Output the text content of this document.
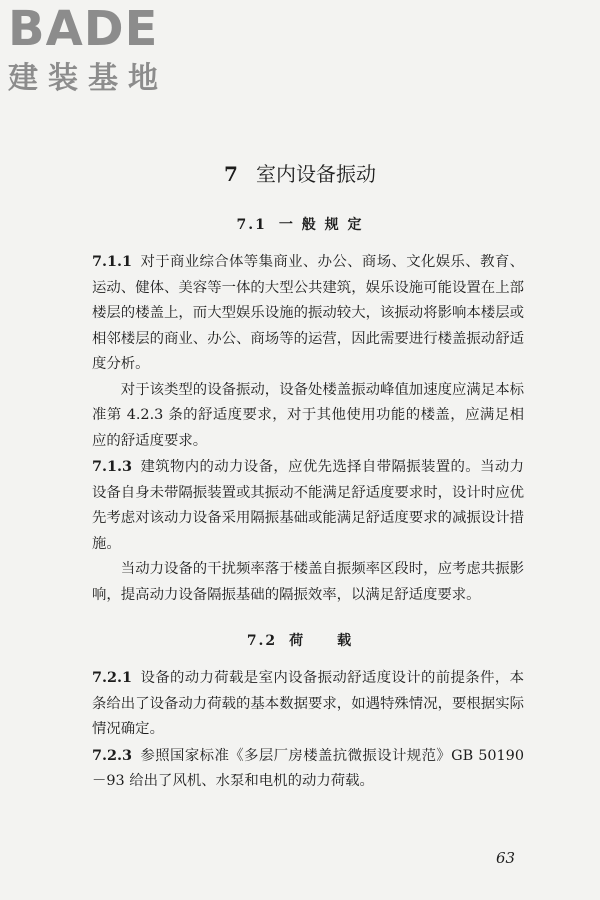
BADE
建装基地
7 室内设备振动
7.1 一 般 规 定

7.1.1 对于商业综合体等集商业、办公、商场、文化娱乐、教育、运动、健体、美容等一体的大型公共建筑，娱乐设施可能设置在上部楼层的楼盖上，而大型娱乐设施的振动较大，该振动将影响本楼层或相邻楼层的商业、办公、商场等的运营，因此需要进行楼盖振动舒适度分析。

对于该类型的设备振动，设备处楼盖振动峰值加速度应满足本标准第 4.2.3 条的舒适度要求，对于其他使用功能的楼盖，应满足相应的舒适度要求。

7.1.3 建筑物内的动力设备，应优先选择自带隔振装置的。当动力设备自身未带隔振装置或其振动不能满足舒适度要求时，设计时应优先考虑对该动力设备采用隔振基础或能满足舒适度要求的减振设计措施。

当动力设备的干扰频率落于楼盖自振频率区段时，应考虑共振影响，提高动力设备隔振基础的隔振效率，以满足舒适度要求。

7.2 荷　　载

7.2.1 设备的动力荷载是室内设备振动舒适度设计的前提条件，本条给出了设备动力荷载的基本数据要求，如遇特殊情况，要根据实际情况确定。

7.2.3 参照国家标准《多层厂房楼盖抗微振设计规范》GB 50190－93 给出了风机、水泵和电机的动力荷载。

63
